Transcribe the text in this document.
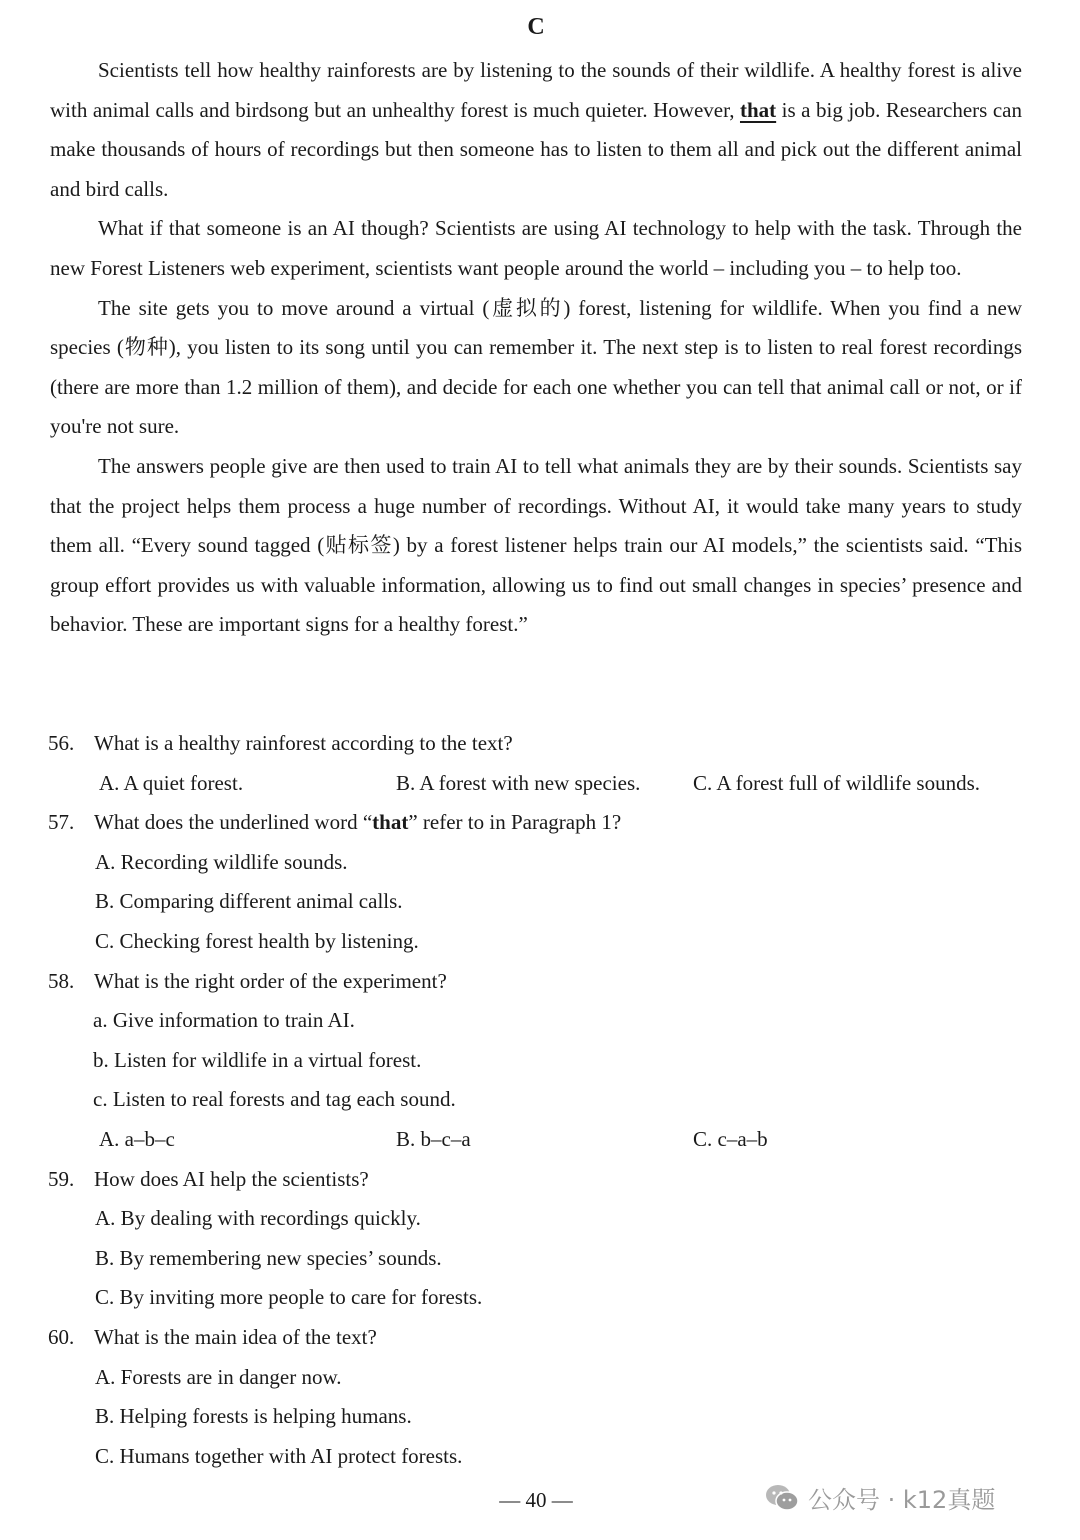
C

Scientists tell how healthy rainforests are by listening to the sounds of their wildlife. A healthy forest is alive with animal calls and birdsong but an unhealthy forest is much quieter. However, that is a big job. Researchers can make thousands of hours of recordings but then someone has to listen to them all and pick out the different animal and bird calls.

What if that someone is an AI though? Scientists are using AI technology to help with the task. Through the new Forest Listeners web experiment, scientists want people around the world – including you – to help too.

The site gets you to move around a virtual (虚拟的) forest, listening for wildlife. When you find a new species (物种), you listen to its song until you can remember it. The next step is to listen to real forest recordings (there are more than 1.2 million of them), and decide for each one whether you can tell that animal call or not, or if you're not sure.

The answers people give are then used to train AI to tell what animals they are by their sounds. Scientists say that the project helps them process a huge number of recordings. Without AI, it would take many years to study them all. “Every sound tagged (贴标签) by a forest listener helps train our AI models,” the scientists said. “This group effort provides us with valuable information, allowing us to find out small changes in species’ presence and behavior. These are important signs for a healthy forest.”

56. What is a healthy rainforest according to the text?
A. A quiet forest.	B. A forest with new species.	C. A forest full of wildlife sounds.
57. What does the underlined word “that” refer to in Paragraph 1?
A. Recording wildlife sounds.
B. Comparing different animal calls.
C. Checking forest health by listening.
58. What is the right order of the experiment?
a. Give information to train AI.
b. Listen for wildlife in a virtual forest.
c. Listen to real forests and tag each sound.
A. a–b–c	B. b–c–a	C. c–a–b
59. How does AI help the scientists?
A. By dealing with recordings quickly.
B. By remembering new species’ sounds.
C. By inviting more people to care for forests.
60. What is the main idea of the text?
A. Forests are in danger now.
B. Helping forests is helping humans.
C. Humans together with AI protect forests.
— 40 —	公众号 · k12真题
